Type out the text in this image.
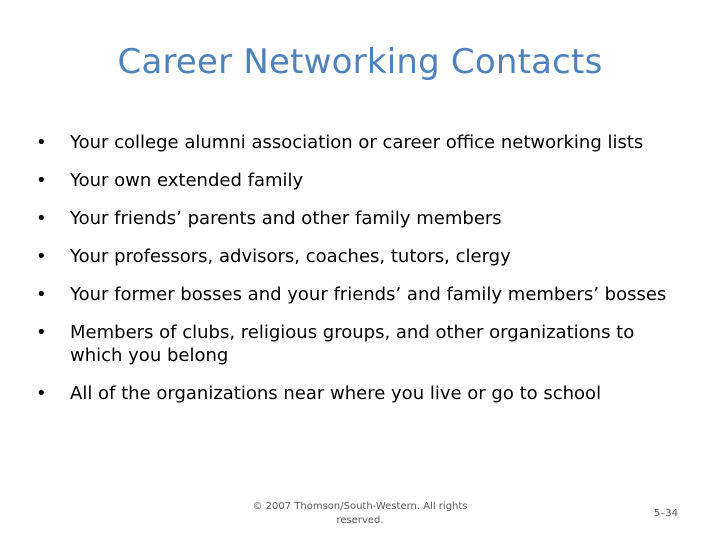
Career Networking Contacts
•	Your college alumni association or career office networking lists
•	Your own extended family
•	Your friends’ parents and other family members
•	Your professors, advisors, coaches, tutors, clergy
•	Your former bosses and your friends’ and family members’ bosses
•	Members of clubs, religious groups, and other organizations to which you belong
•	All of the organizations near where you live or go to school
© 2007 Thomson/South-Western. All rights reserved.
5–34
